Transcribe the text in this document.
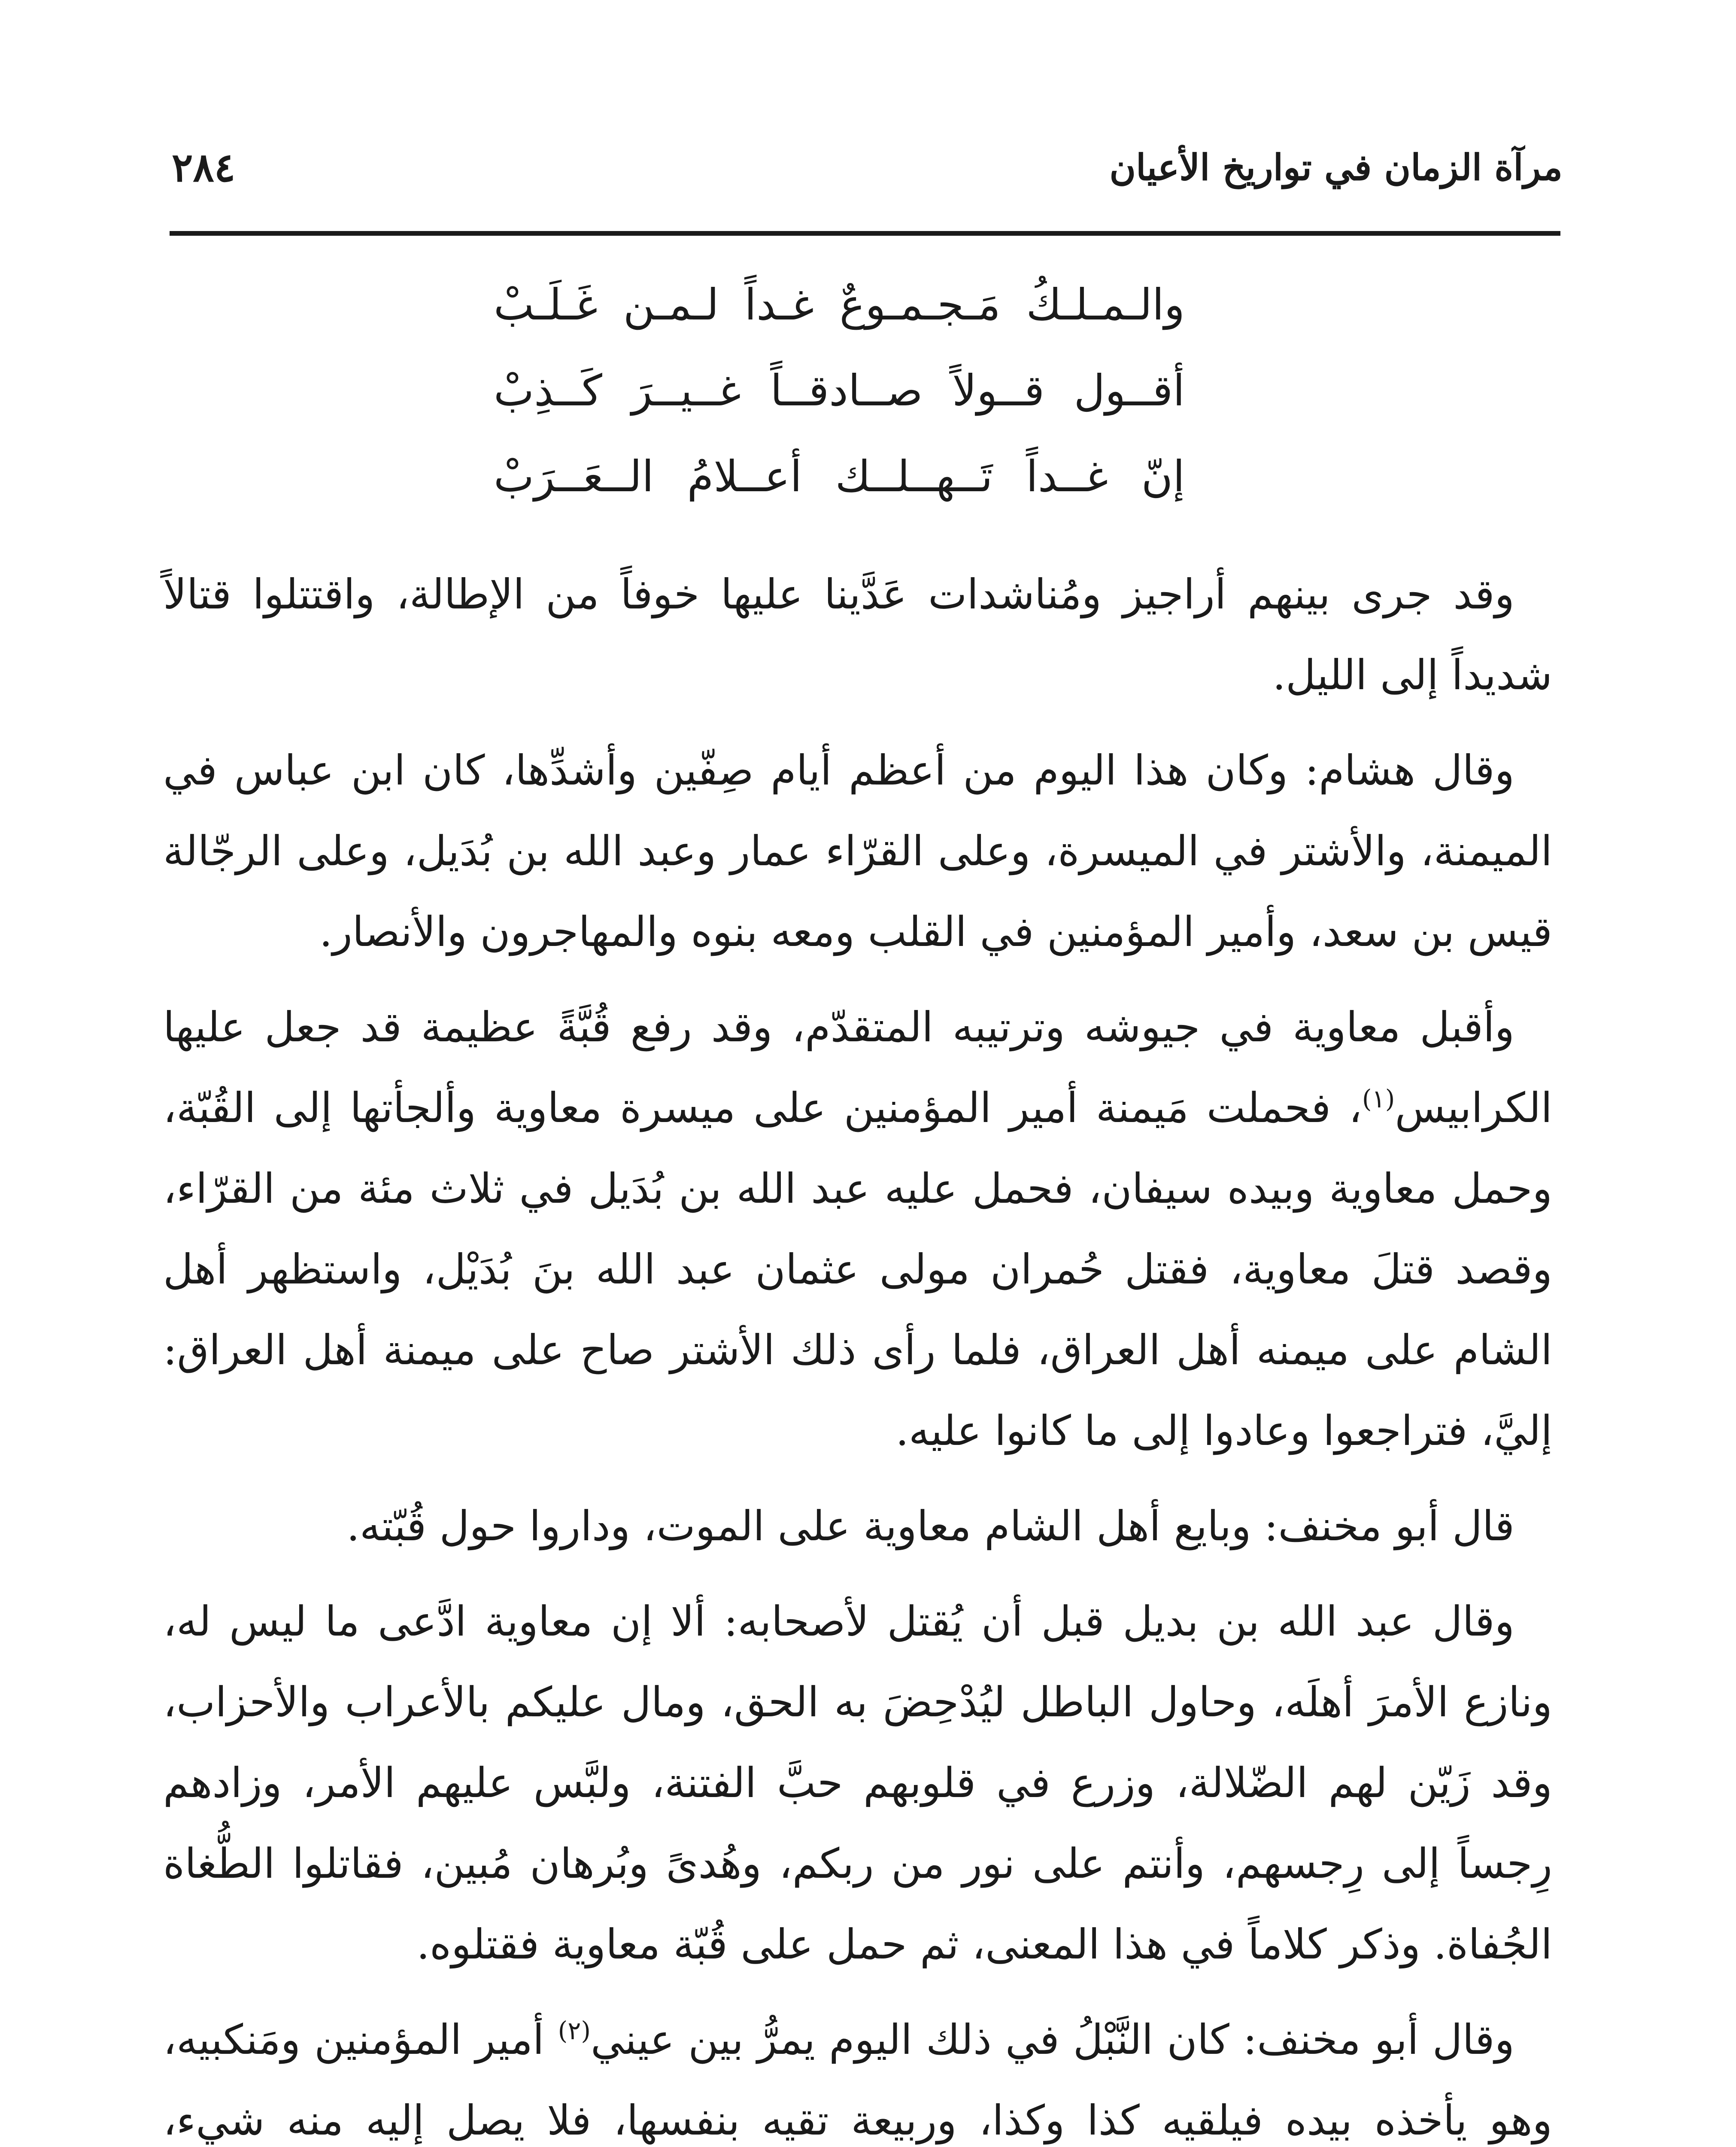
مرآة الزمان في تواريخ الأعيان
٢٨٤
والـمـلـكُ مَـجـمـوعٌ غـداً لـمـن غَـلَـبْ
أقــول قــولاً صــادقــاً غــيــرَ كَــذِبْ
إنّ غــداً تَــهــلــك أعــلامُ الــعَــرَبْ

وقد جرى بينهم أراجيز ومُناشدات عَدَّينا عليها خوفاً من الإطالة، واقتتلوا قتالاً شديداً إلى الليل.

وقال هشام: وكان هذا اليوم من أعظم أيام صِفّين وأشدِّها، كان ابن عباس في الميمنة، والأشتر في الميسرة، وعلى القرّاء عمار وعبد الله بن بُدَيل، وعلى الرجّالة قيس بن سعد، وأمير المؤمنين في القلب ومعه بنوه والمهاجرون والأنصار.

وأقبل معاوية في جيوشه وترتيبه المتقدّم، وقد رفع قُبَّةً عظيمة قد جعل عليها الكرابيس$^{(١)}$، فحملت مَيمنة أمير المؤمنين على ميسرة معاوية وألجأتها إلى القُبّة، وحمل معاوية وبيده سيفان، فحمل عليه عبد الله بن بُدَيل في ثلاث مئة من القرّاء، وقصد قتلَ معاوية، فقتل حُمران مولى عثمان عبد الله بنَ بُدَيْل، واستظهر أهل الشام على ميمنه أهل العراق، فلما رأى ذلك الأشتر صاح على ميمنة أهل العراق: إليَّ، فتراجعوا وعادوا إلى ما كانوا عليه.

قال أبو مخنف: وبايع أهل الشام معاوية على الموت، وداروا حول قُبّته.

وقال عبد الله بن بديل قبل أن يُقتل لأصحابه: ألا إن معاوية ادَّعى ما ليس له، ونازع الأمرَ أهلَه، وحاول الباطل ليُدْحِضَ به الحق، ومال عليكم بالأعراب والأحزاب، وقد زَيّن لهم الضّلالة، وزرع في قلوبهم حبَّ الفتنة، ولبَّس عليهم الأمر، وزادهم رِجساً إلى رِجسهم، وأنتم على نور من ربكم، وهُدىً وبُرهان مُبين، فقاتلوا الطُّغاة الجُفاة. وذكر كلاماً في هذا المعنى، ثم حمل على قُبّة معاوية فقتلوه.

وقال أبو مخنف: كان النَّبْلُ في ذلك اليوم يمرُّ بين عيني$^{(٢)}$ أمير المؤمنين ومَنكبيه، وهو يأخذه بيده فيلقيه كذا وكذا، وربيعة تقيه بنفسها، فلا يصل إليه منه شيء،
